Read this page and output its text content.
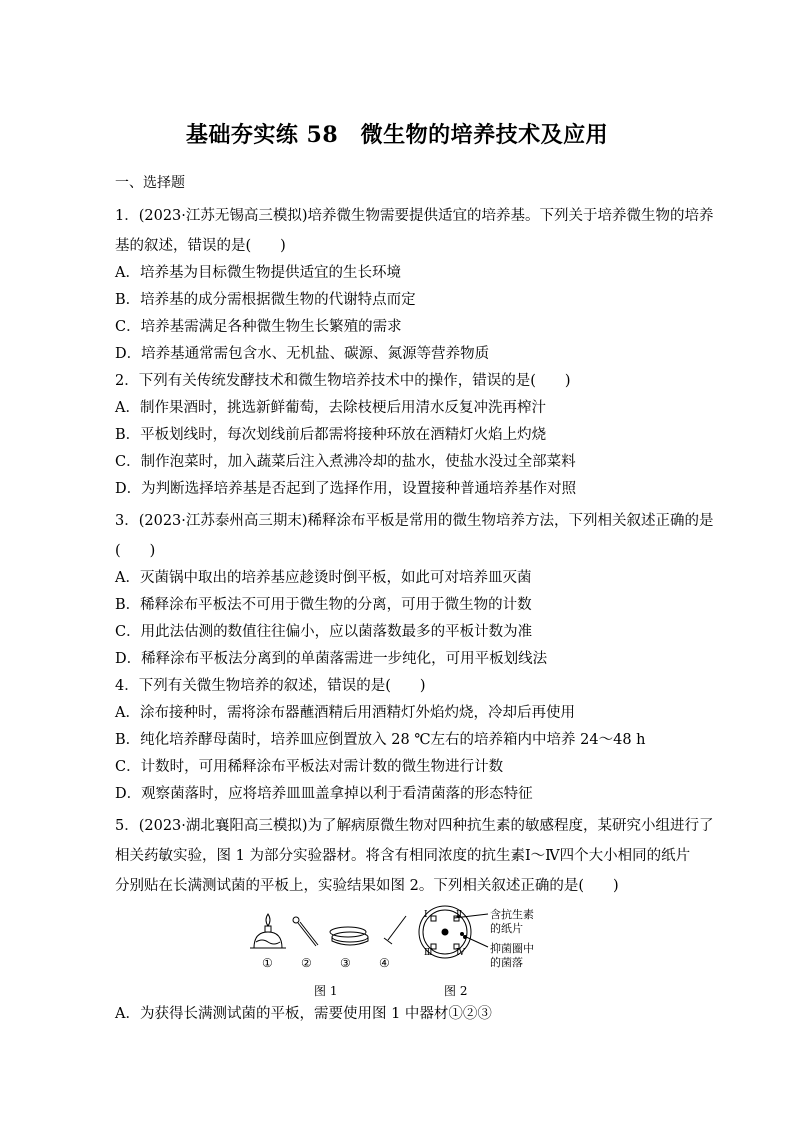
基础夯实练 58　微生物的培养技术及应用
一、选择题
1．(2023·江苏无锡高三模拟)培养微生物需要提供适宜的培养基。下列关于培养微生物的培养
基的叙述，错误的是(　　)
A．培养基为目标微生物提供适宜的生长环境
B．培养基的成分需根据微生物的代谢特点而定
C．培养基需满足各种微生物生长繁殖的需求
D．培养基通常需包含水、无机盐、碳源、氮源等营养物质
2．下列有关传统发酵技术和微生物培养技术中的操作，错误的是(　　)
A．制作果酒时，挑选新鲜葡萄，去除枝梗后用清水反复冲洗再榨汁
B．平板划线时，每次划线前后都需将接种环放在酒精灯火焰上灼烧
C．制作泡菜时，加入蔬菜后注入煮沸冷却的盐水，使盐水没过全部菜料
D．为判断选择培养基是否起到了选择作用，设置接种普通培养基作对照
3．(2023·江苏泰州高三期末)稀释涂布平板是常用的微生物培养方法，下列相关叙述正确的是
(　　)
A．灭菌锅中取出的培养基应趁烫时倒平板，如此可对培养皿灭菌
B．稀释涂布平板法不可用于微生物的分离，可用于微生物的计数
C．用此法估测的数值往往偏小，应以菌落数最多的平板计数为准
D．稀释涂布平板法分离到的单菌落需进一步纯化，可用平板划线法
4．下列有关微生物培养的叙述，错误的是(　　)
A．涂布接种时，需将涂布器蘸酒精后用酒精灯外焰灼烧，冷却后再使用
B．纯化培养酵母菌时，培养皿应倒置放入 28 ℃左右的培养箱内中培养 24～48 h
C．计数时，可用稀释涂布平板法对需计数的微生物进行计数
D．观察菌落时，应将培养皿皿盖拿掉以利于看清菌落的形态特征
5．(2023·湖北襄阳高三模拟)为了解病原微生物对四种抗生素的敏感程度，某研究小组进行了
相关药敏实验，图 1 为部分实验器材。将含有相同浓度的抗生素Ⅰ～Ⅳ四个大小相同的纸片
分别贴在长满测试菌的平板上，实验结果如图 2。下列相关叙述正确的是(　　)
① ② ③ ④
Ⅰ	Ⅱ
Ⅲ	Ⅳ
含抗生素
的纸片
抑菌圈中
的菌落
图 1	图 2
A．为获得长满测试菌的平板，需要使用图 1 中器材①②③
